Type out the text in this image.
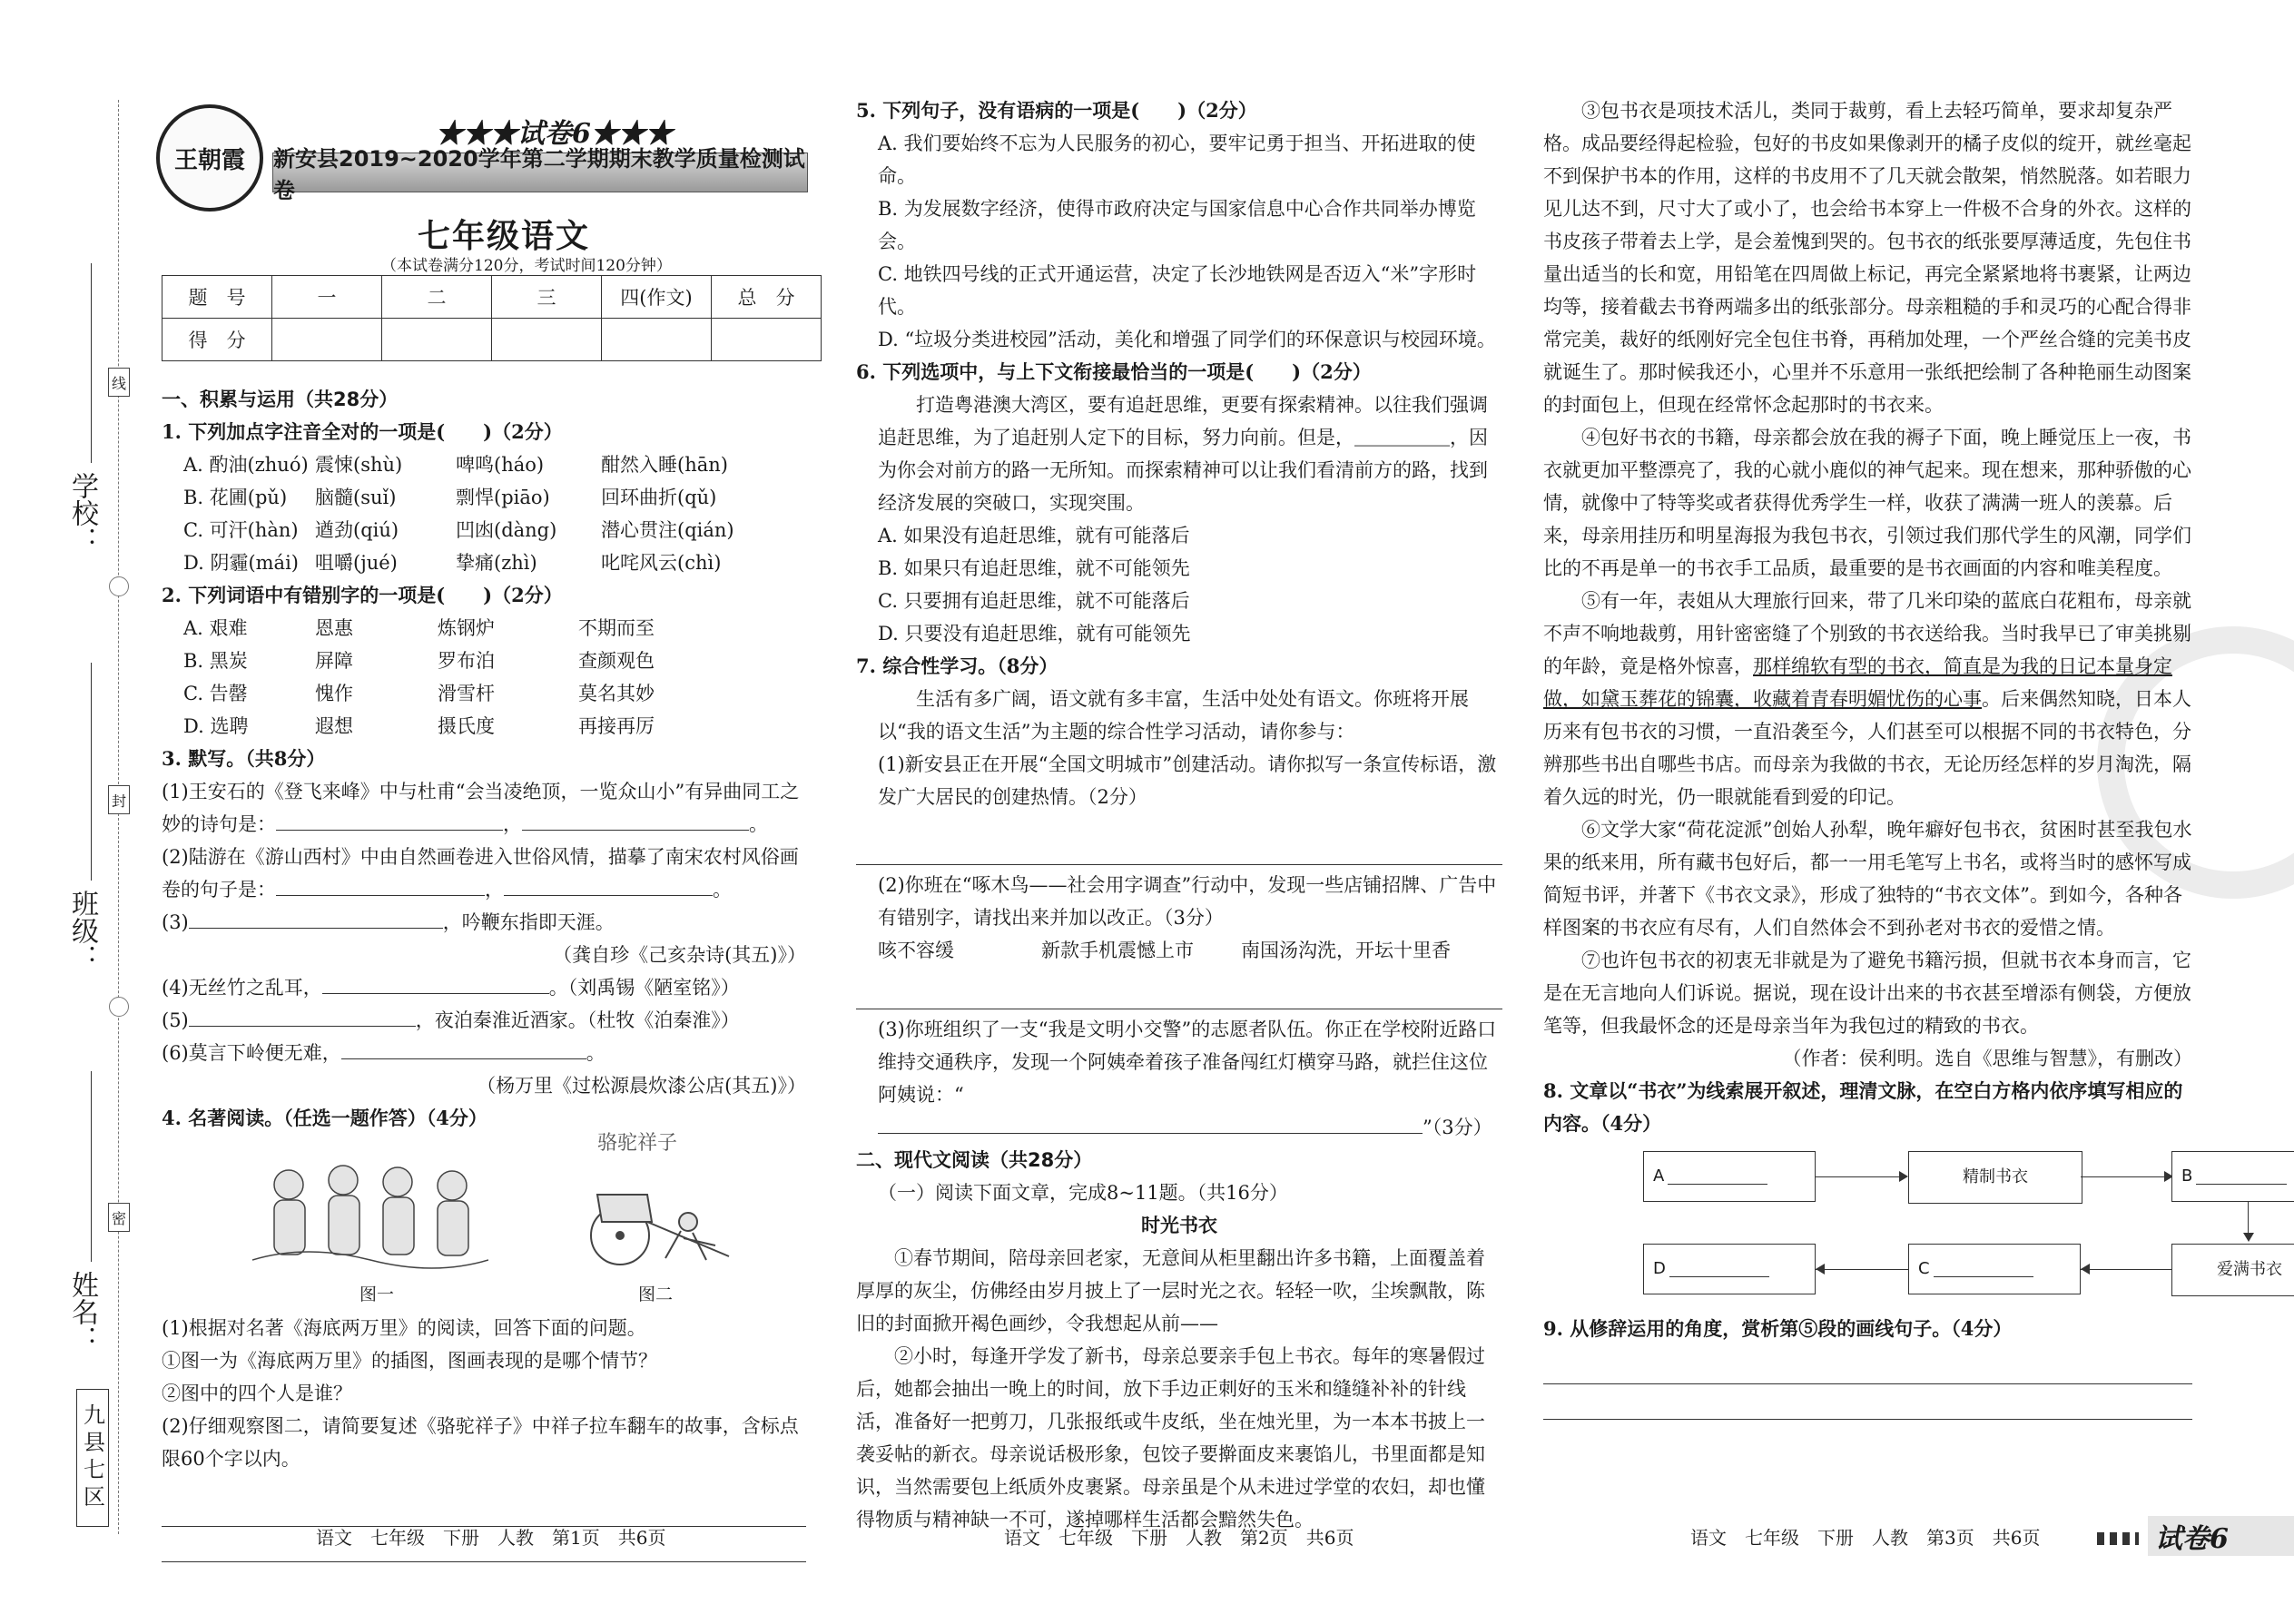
线
封
密
学校：
班级：
姓名：
九县七区
王朝霞
★★★试卷6★★★
新安县2019~2020学年第二学期期末教学质量检测试卷
七年级语文
（本试卷满分120分，考试时间120分钟）
题　号	一	二	三	四(作文)	总　分
得　分					

一、积累与运用（共28分）

1. 下列加点字注音全对的一项是(　　)（2分）

A. 酌油(zhuó) 震悚(shù)	啤鸣(háo)	酣然入睡(hān)
B. 花圃(pǔ)	脑髓(suǐ)	剽悍(piāo)	回环曲折(qǔ)
C. 可汗(hàn) 遒劲(qiú)	凹凼(dàng)	潜心贯注(qián)
D. 阴霾(mái) 咀嚼(jué)	挚痛(zhì)	叱咤风云(chì)

2. 下列词语中有错别字的一项是(　　)（2分）

A. 艰难	恩惠	炼钢炉	不期而至
B. 黑炭	屏障	罗布泊	查颜观色
C. 告罄	愧作	滑雪杆	莫名其妙
D. 选聘	遐想	摄氏度	再接再厉

3. 默写。（共8分）

(1)王安石的《登飞来峰》中与杜甫“会当凌绝顶，一览众山小”有异曲同工之妙的诗句是：	，	。

(2)陆游在《游山西村》中由自然画卷进入世俗风情，描摹了南宋农村风俗画卷的句子是：	，	。

(3)	，吟鞭东指即天涯。

（龚自珍《己亥杂诗(其五)》）

(4)无丝竹之乱耳，	。（刘禹锡《陋室铭》）

(5)	，夜泊秦淮近酒家。（杜牧《泊秦淮》）

(6)莫言下岭便无难，	。

（杨万里《过松源晨炊漆公店(其五)》）

4. 名著阅读。（任选一题作答）（4分）

骆驼祥子
图一	图二

(1)根据对名著《海底两万里》的阅读，回答下面的问题。

①图一为《海底两万里》的插图，图画表现的是哪个情节？

②图中的四个人是谁？

(2)仔细观察图二，请简要复述《骆驼祥子》中祥子拉车翻车的故事，含标点限60个字以内。

5. 下列句子，没有语病的一项是(　　)（2分）

A. 我们要始终不忘为人民服务的初心，要牢记勇于担当、开拓进取的使命。

B. 为发展数字经济，使得市政府决定与国家信息中心合作共同举办博览会。

C. 地铁四号线的正式开通运营，决定了长沙地铁网是否迈入“米”字形时代。

D. “垃圾分类进校园”活动，美化和增强了同学们的环保意识与校园环境。

6. 下列选项中，与上下文衔接最恰当的一项是(　　)（2分）

打造粤港澳大湾区，要有追赶思维，更要有探索精神。以往我们强调追赶思维，为了追赶别人定下的目标，努力向前。但是，＿＿＿＿＿，因为你会对前方的路一无所知。而探索精神可以让我们看清前方的路，找到经济发展的突破口，实现突围。

A. 如果没有追赶思维，就有可能落后

B. 如果只有追赶思维，就不可能领先

C. 只要拥有追赶思维，就不可能落后

D. 只要没有追赶思维，就有可能领先

7. 综合性学习。（8分）

生活有多广阔，语文就有多丰富，生活中处处有语文。你班将开展以“我的语文生活”为主题的综合性学习活动，请你参与：

(1)新安县正在开展“全国文明城市”创建活动。请你拟写一条宣传标语，激发广大居民的创建热情。（2分）

(2)你班在“啄木鸟——社会用字调查”行动中，发现一些店铺招牌、广告中有错别字，请找出来并加以改正。（3分）

咳不容缓	新款手机震憾上市	南国汤沟洗，开坛十里香

(3)你班组织了一支“我是文明小交警”的志愿者队伍。你正在学校附近路口维持交通秩序，发现一个阿姨牵着孩子准备闯红灯横穿马路，就拦住这位阿姨说：“

”（3分）

二、现代文阅读（共28分）

（一）阅读下面文章，完成8~11题。（共16分）

时光书衣

①春节期间，陪母亲回老家，无意间从柜里翻出许多书籍，上面覆盖着厚厚的灰尘，仿佛经由岁月披上了一层时光之衣。轻轻一吹，尘埃飘散，陈旧的封面掀开褐色画纱，令我想起从前——

②小时，每逢开学发了新书，母亲总要亲手包上书衣。每年的寒暑假过后，她都会抽出一晚上的时间，放下手边正刺好的玉米和缝缝补补的针线活，准备好一把剪刀，几张报纸或牛皮纸，坐在烛光里，为一本本书披上一袭妥帖的新衣。母亲说话极形象，包饺子要擀面皮来裹馅儿，书里面都是知识，当然需要包上纸质外皮裹紧。母亲虽是个从未进过学堂的农妇，却也懂得物质与精神缺一不可，遂掉哪样生活都会黯然失色。

③包书衣是项技术活儿，类同于裁剪，看上去轻巧简单，要求却复杂严格。成品要经得起检验，包好的书皮如果像剥开的橘子皮似的绽开，就丝毫起不到保护书本的作用，这样的书皮用不了几天就会散架，悄然脱落。如若眼力见儿达不到，尺寸大了或小了，也会给书本穿上一件极不合身的外衣。这样的书皮孩子带着去上学，是会羞愧到哭的。包书衣的纸张要厚薄适度，先包住书量出适当的长和宽，用铅笔在四周做上标记，再完全紧紧地将书裹紧，让两边均等，接着截去书脊两端多出的纸张部分。母亲粗糙的手和灵巧的心配合得非常完美，裁好的纸刚好完全包住书脊，再稍加处理，一个严丝合缝的完美书皮就诞生了。那时候我还小，心里并不乐意用一张纸把绘制了各种艳丽生动图案的封面包上，但现在经常怀念起那时的书衣来。

④包好书衣的书籍，母亲都会放在我的褥子下面，晚上睡觉压上一夜，书衣就更加平整漂亮了，我的心就小鹿似的神气起来。现在想来，那种骄傲的心情，就像中了特等奖或者获得优秀学生一样，收获了满满一班人的羡慕。后来，母亲用挂历和明星海报为我包书衣，引领过我们那代学生的风潮，同学们比的不再是单一的书衣手工品质，最重要的是书衣画面的内容和唯美程度。

⑤有一年，表姐从大理旅行回来，带了几米印染的蓝底白花粗布，母亲就不声不响地裁剪，用针密密缝了个别致的书衣送给我。当时我早已了审美挑剔的年龄，竟是格外惊喜，那样绵软有型的书衣，简直是为我的日记本量身定做，如黛玉葬花的锦囊，收藏着青春明媚忧伤的心事。后来偶然知晓，日本人历来有包书衣的习惯，一直沿袭至今，人们甚至可以根据不同的书衣特色，分辨那些书出自哪些书店。而母亲为我做的书衣，无论历经怎样的岁月淘洗，隔着久远的时光，仍一眼就能看到爱的印记。

⑥文学大家“荷花淀派”创始人孙犁，晚年癖好包书衣，贫困时甚至我包水果的纸来用，所有藏书包好后，都一一用毛笔写上书名，或将当时的感怀写成简短书评，并著下《书衣文录》，形成了独特的“书衣文体”。到如今，各种各样图案的书衣应有尽有，人们自然体会不到孙老对书衣的爱惜之情。

⑦也许包书衣的初衷无非就是为了避免书籍污损，但就书衣本身而言，它是在无言地向人们诉说。据说，现在设计出来的书衣甚至增添有侧袋，方便放笔等，但我最怀念的还是母亲当年为我包过的精致的书衣。

（作者：侯利明。选自《思维与智慧》，有删改）

8. 文章以“书衣”为线索展开叙述，理清文脉，在空白方格内依序填写相应的内容。（4分）

A	精制书衣	B
爱满书衣
C
D

9. 从修辞运用的角度，赏析第⑤段的画线句子。（4分）

语文　七年级　下册　人教　第1页　共6页	语文　七年级　下册　人教　第2页　共6页	语文　七年级　下册　人教　第3页　共6页	试卷6
